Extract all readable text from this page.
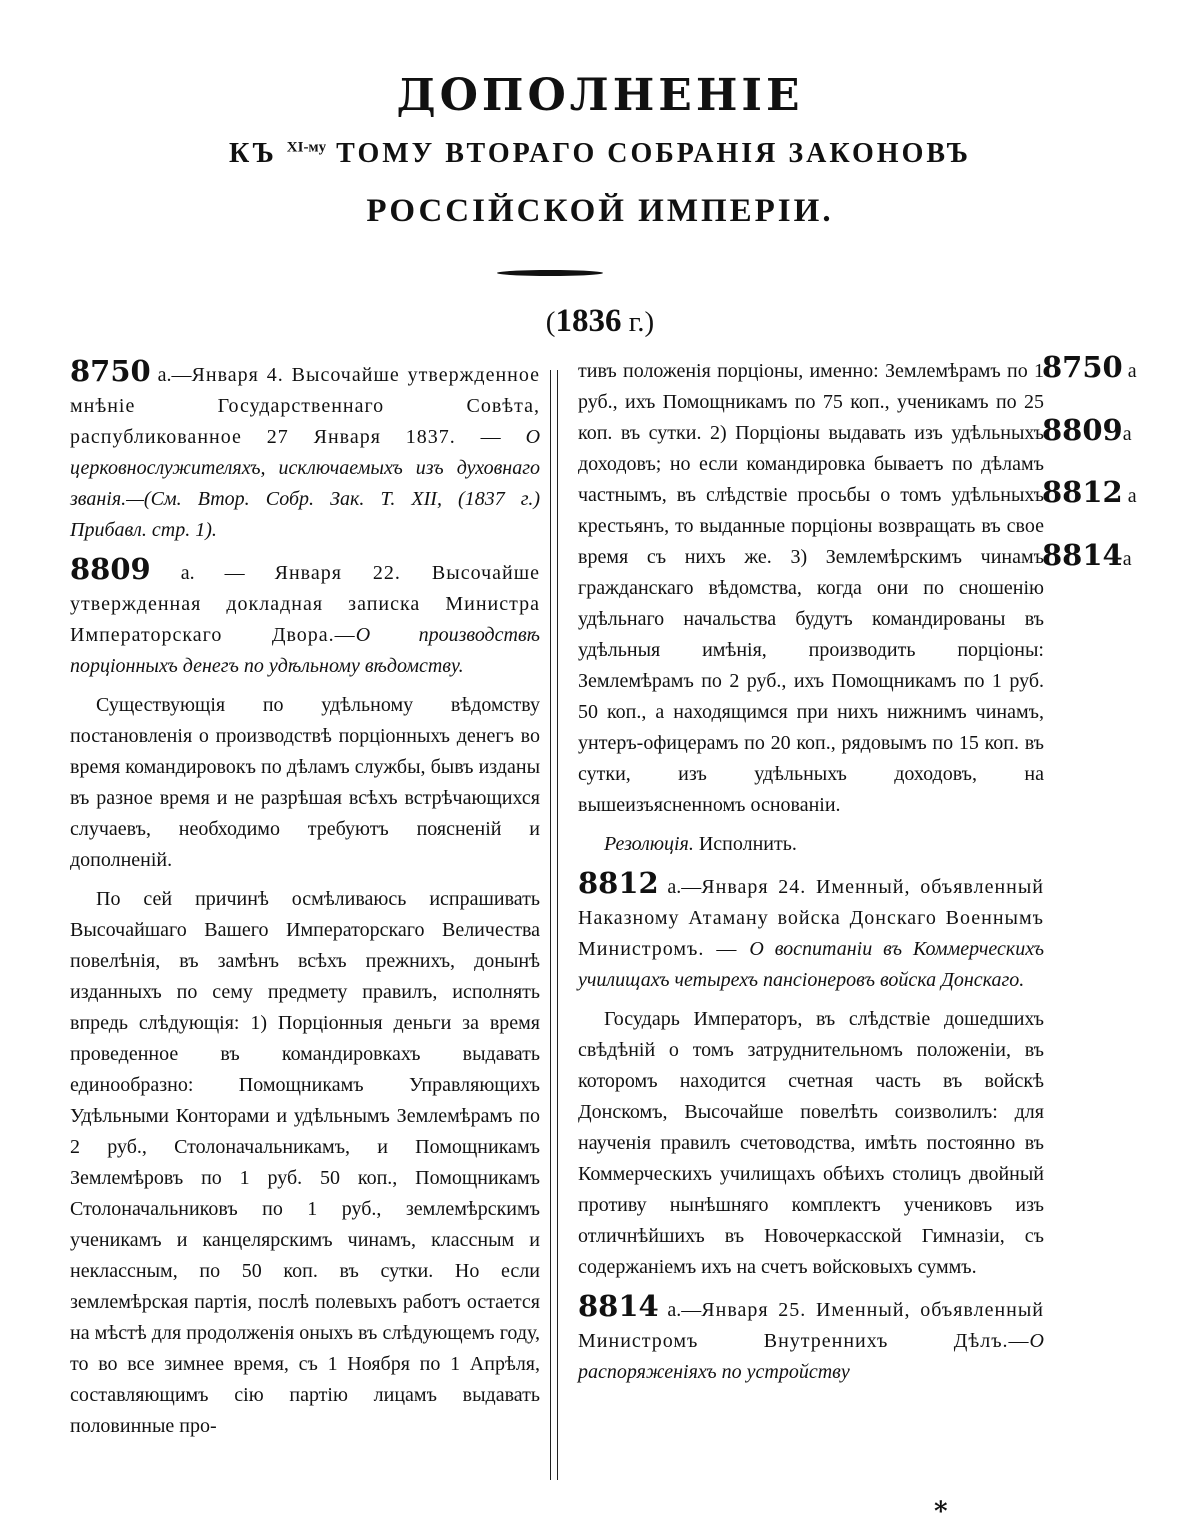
ДОПОЛНЕНІЕ
КЪ $^{XI-му}$ ТОМУ ВТОРАГО СОБРАНІЯ ЗАКОНОВЪ
РОССІЙСКОЙ ИМПЕРІИ.
(1836 г.)

8750 а.—Января 4. Высочайше утвержденное мнѣніе Государственнаго Совѣта, распубликованное 27 Января 1837. — О церковнослужителяхъ, исключаемыхъ изъ духовнаго званія.—(См. Втор. Собр. Зак. Т. XII, (1837 г.) Прибавл. стр. 1).

8809 а. — Января 22. Высочайше утвержденная докладная записка Министра Императорскаго Двора.—О производствѣ порціонныхъ денегъ по удѣльному вѣдомству.

Существующія по удѣльному вѣдомству постановленія о производствѣ порціонныхъ денегъ во время командировокъ по дѣламъ службы, бывъ изданы въ разное время и не разрѣшая всѣхъ встрѣчающихся случаевъ, необходимо требуютъ поясненій и дополненій.

По сей причинѣ осмѣливаюсь испрашивать Высочайшаго Вашего Императорскаго Величества повелѣнія, въ замѣнъ всѣхъ прежнихъ, донынѣ изданныхъ по сему предмету правилъ, исполнять впредь слѣдующія: 1) Порціонныя деньги за время проведенное въ командировкахъ выдавать единообразно: Помощникамъ Управляющихъ Удѣльными Конторами и удѣльнымъ Землемѣрамъ по 2 руб., Столоначальникамъ, и Помощникамъ Землемѣровъ по 1 руб. 50 коп., Помощникамъ Столоначальниковъ по 1 руб., землемѣрскимъ ученикамъ и канцелярскимъ чинамъ, классным и неклассным, по 50 коп. въ сутки. Но если землемѣрская партія, послѣ полевыхъ работъ остается на мѣстѣ для продолженія оныхъ въ слѣдующемъ году, то во все зимнее время, съ 1 Ноября по 1 Апрѣля, составляющимъ сію партію лицамъ выдавать половинные про-

тивъ положенія порціоны, именно: Землемѣрамъ по 1 руб., ихъ Помощникамъ по 75 коп., ученикамъ по 25 коп. въ сутки. 2) Порціоны выдавать изъ удѣльныхъ доходовъ; но если командировка бываетъ по дѣламъ частнымъ, въ слѣдствіе просьбы о томъ удѣльныхъ крестьянъ, то выданные порціоны возвращать въ свое время съ нихъ же. 3) Землемѣрскимъ чинамъ гражданскаго вѣдомства, когда они по сношенію удѣльнаго начальства будутъ командированы въ удѣльныя имѣнія, производить порціоны: Землемѣрамъ по 2 руб., ихъ Помощникамъ по 1 руб. 50 коп., а находящимся при нихъ нижнимъ чинамъ, унтеръ-офицерамъ по 20 коп., рядовымъ по 15 коп. въ сутки, изъ удѣльныхъ доходовъ, на вышеизъясненномъ основаніи.

Резолюція. Исполнить.

8812 а.—Января 24. Именный, объявленный Наказному Атаману войска Донскаго Военнымъ Министромъ. — О воспитаніи въ Коммерческихъ училищахъ четырехъ пансіонеровъ войска Донскаго.

Государь Императоръ, въ слѣдствіе дошедшихъ свѣдѣній о томъ затруднительномъ положеніи, въ которомъ находится счетная часть въ войскѣ Донскомъ, Высочайше повелѣть соизволилъ: для наученія правилъ счетоводства, имѣть постоянно въ Коммерческихъ училищахъ обѣихъ столицъ двойный противу нынѣшняго комплектъ учениковъ изъ отличнѣйшихъ въ Новочеркасской Гимназіи, съ содержаніемъ ихъ на счетъ войсковыхъ суммъ.

8814 а.—Января 25. Именный, объявленный Министромъ Внутреннихъ Дѣлъ.—О распоряженіяхъ по устройству

8750 а
8809а
8812 а
8814а
*
